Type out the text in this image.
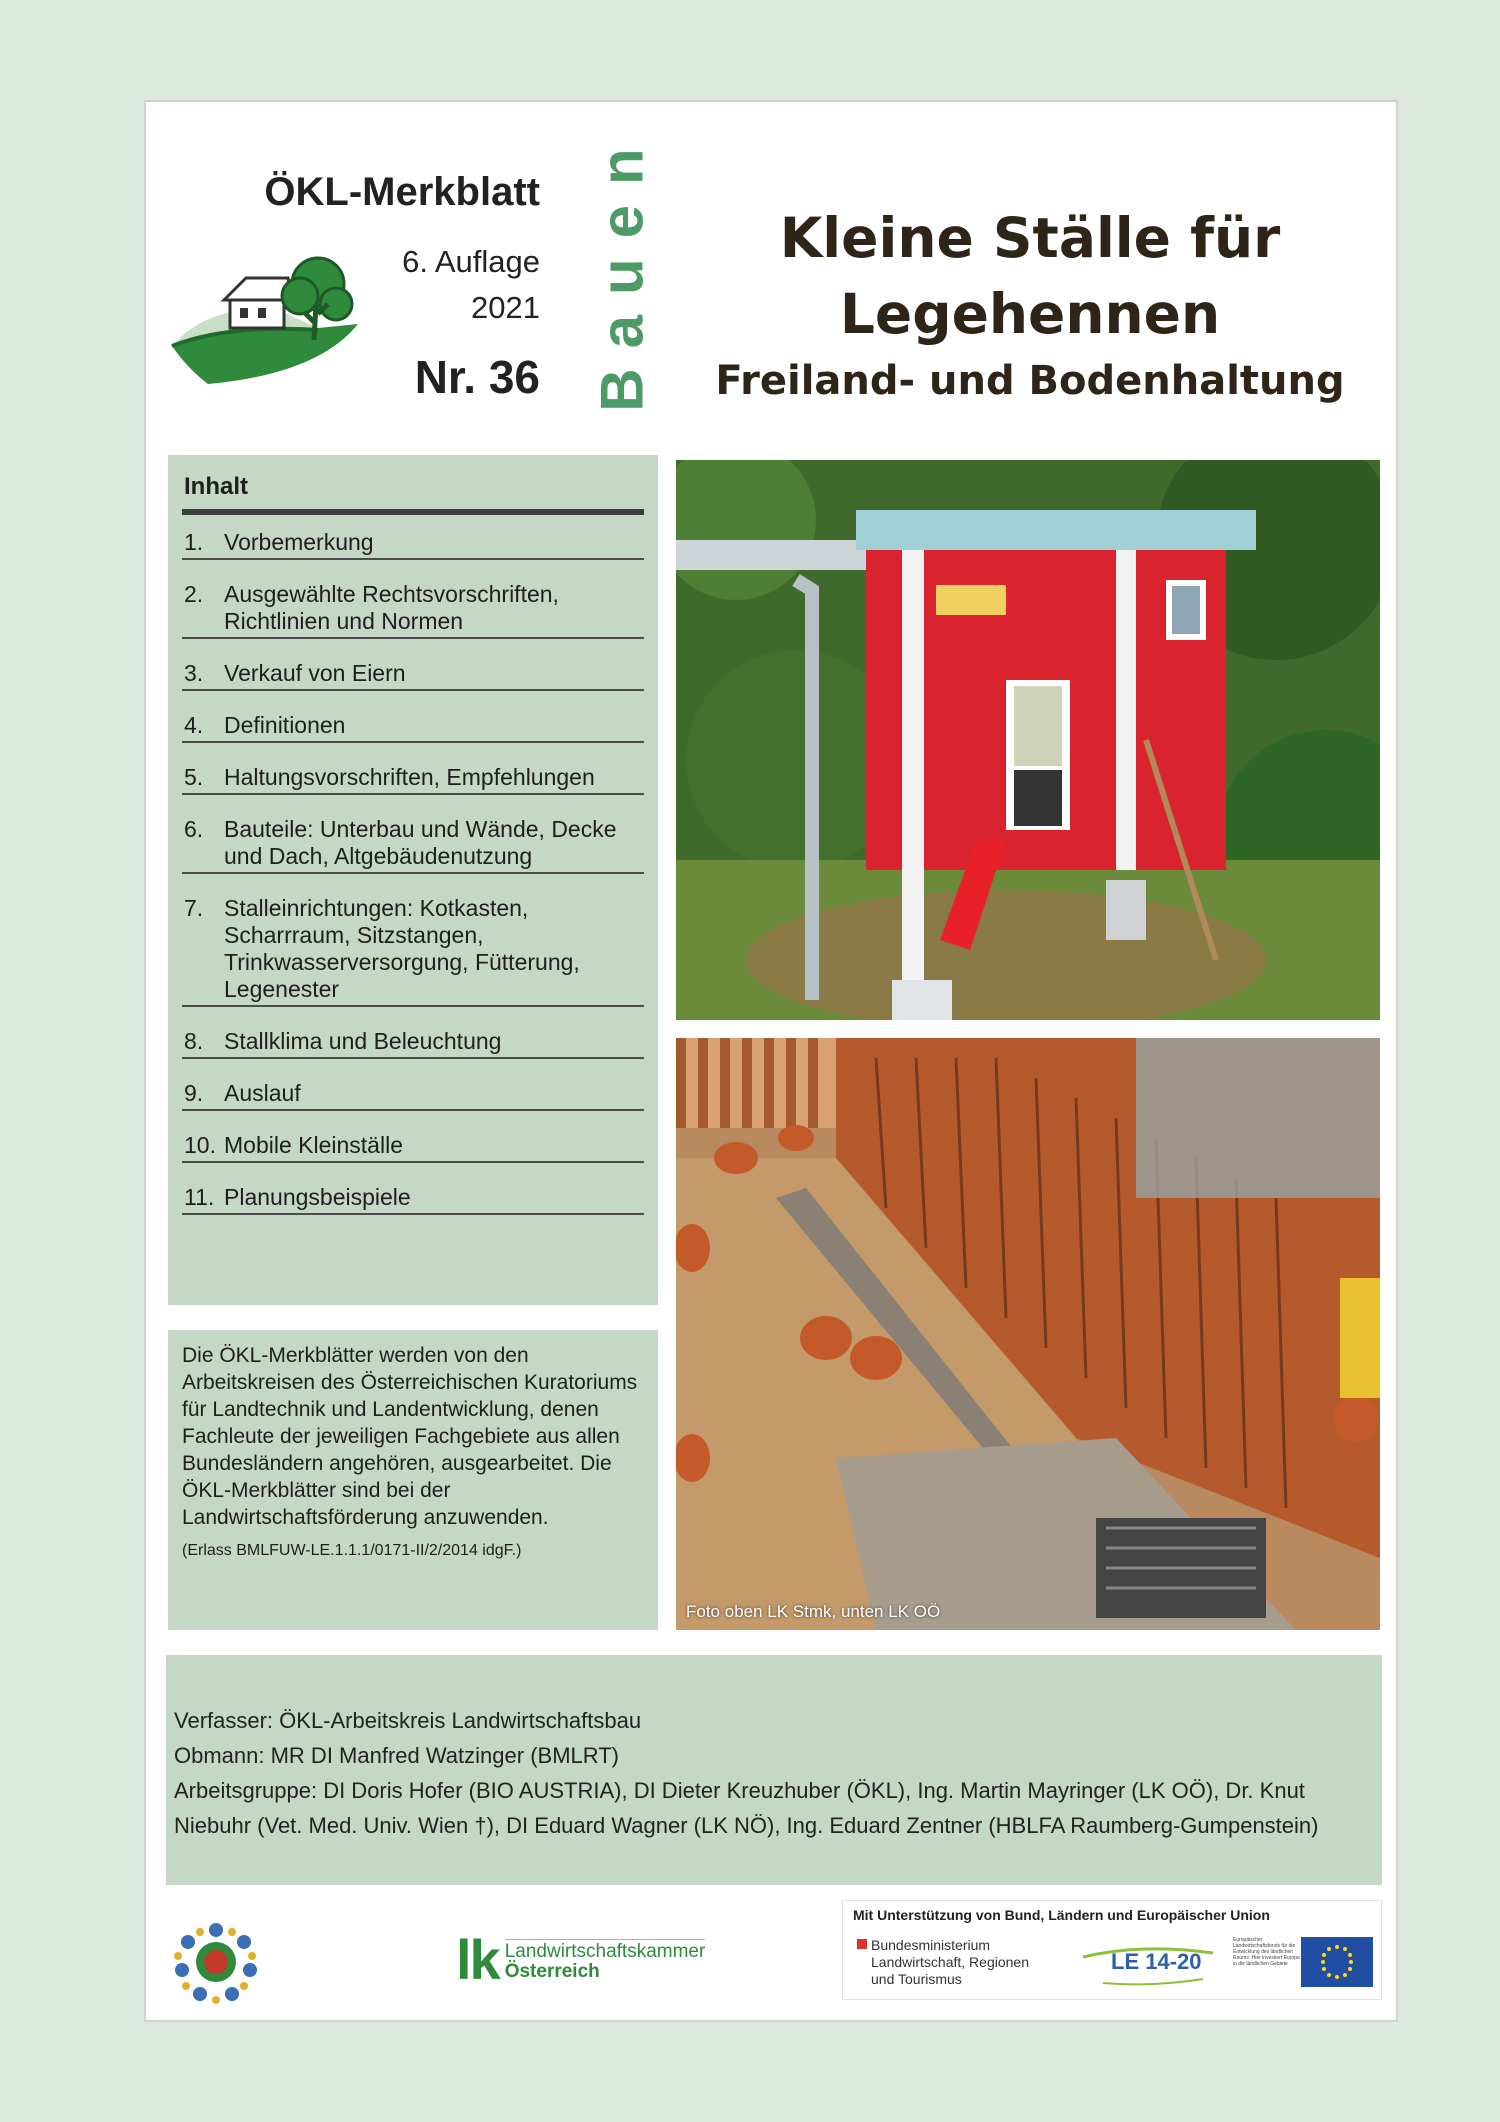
ÖKL-Merkblatt
6. Auflage
2021
Nr. 36 Bauen	Kleine Ställe für Legehennen
Freiland- und Bodenhaltung
Inhalt
1. Vorbemerkung
2. Ausgewählte Rechtsvorschriften, Richtlinien und Normen
3. Verkauf von Eiern
4. Definitionen
5. Haltungsvorschriften, Empfehlungen
6. Bauteile: Unterbau und Wände, Decke und Dach, Altgebäudenutzung
7. Stalleinrichtungen: Kotkasten, Scharrraum, Sitzstangen, Trinkwasserversorgung, Fütterung, Legenester
8. Stallklima und Beleuchtung
9. Auslauf
10. Mobile Kleinställe
11. Planungsbeispiele
Die ÖKL-Merkblätter werden von den Arbeitskreisen des Österreichischen Kuratoriums für Landtechnik und Landentwicklung, denen Fachleute der jeweiligen Fachgebiete aus allen Bundesländern angehören, ausgearbeitet. Die ÖKL-Merkblätter sind bei der Landwirtschaftsförderung anzuwenden.
(Erlass BMLFUW-LE.1.1.1/0171-II/2/2014 idgF.)
Foto oben LK Stmk, unten LK OÖ
Verfasser: ÖKL-Arbeitskreis Landwirtschaftsbau
Obmann: MR DI Manfred Watzinger (BMLRT)
Arbeitsgruppe: DI Doris Hofer (BIO AUSTRIA), DI Dieter Kreuzhuber (ÖKL), Ing. Martin Mayringer (LK OÖ), Dr. Knut Niebuhr (Vet. Med. Univ. Wien †), DI Eduard Wagner (LK NÖ), Ing. Eduard Zentner (HBLFA Raumberg-Gumpenstein)
lk Landwirtschaftskammer
Österreich
Mit Unterstützung von Bund, Ländern und Europäischer Union
Bundesministerium
Landwirtschaft, Regionen
und Tourismus
LE 14-20
Europäischer Landwirtschaftsfonds für die Entwicklung des ländlichen Raums: Hier investiert Europa in die ländlichen Gebiete
